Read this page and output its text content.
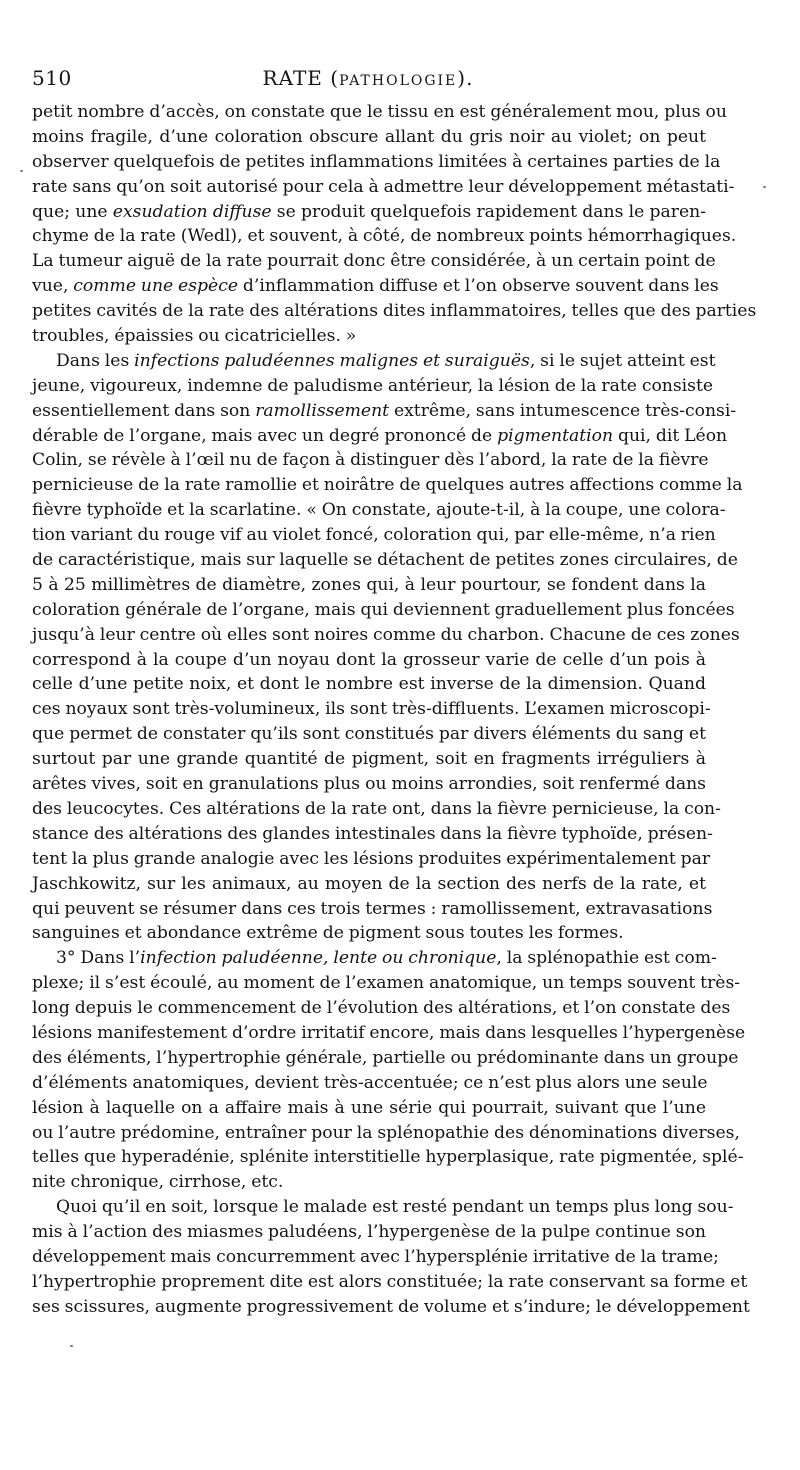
510	RATE (PATHOLOGIE).
petit nombre d’accès, on constate que le tissu en est généralement mou, plus ou
moins fragile, d’une coloration obscure allant du gris noir au violet; on peut
observer quelquefois de petites inflammations limitées à certaines parties de la
rate sans qu’on soit autorisé pour cela à admettre leur développement métastati-
que; une exsudation diffuse se produit quelquefois rapidement dans le paren-
chyme de la rate (Wedl), et souvent, à côté, de nombreux points hémorrhagiques.
La tumeur aiguë de la rate pourrait donc être considérée, à un certain point de
vue, comme une espèce d’inflammation diffuse et l’on observe souvent dans les
petites cavités de la rate des altérations dites inflammatoires, telles que des parties
troubles, épaissies ou cicatricielles. »
Dans les infections paludéennes malignes et suraiguës, si le sujet atteint est
jeune, vigoureux, indemne de paludisme antérieur, la lésion de la rate consiste
essentiellement dans son ramollissement extrême, sans intumescence très-consi-
dérable de l’organe, mais avec un degré prononcé de pigmentation qui, dit Léon
Colin, se révèle à l’œil nu de façon à distinguer dès l’abord, la rate de la fièvre
pernicieuse de la rate ramollie et noirâtre de quelques autres affections comme la
fièvre typhoïde et la scarlatine. « On constate, ajoute-t-il, à la coupe, une colora-
tion variant du rouge vif au violet foncé, coloration qui, par elle-même, n’a rien
de caractéristique, mais sur laquelle se détachent de petites zones circulaires, de
5 à 25 millimètres de diamètre, zones qui, à leur pourtour, se fondent dans la
coloration générale de l’organe, mais qui deviennent graduellement plus foncées
jusqu’à leur centre où elles sont noires comme du charbon. Chacune de ces zones
correspond à la coupe d’un noyau dont la grosseur varie de celle d’un pois à
celle d’une petite noix, et dont le nombre est inverse de la dimension. Quand
ces noyaux sont très-volumineux, ils sont très-diffluents. L’examen microscopi-
que permet de constater qu’ils sont constitués par divers éléments du sang et
surtout par une grande quantité de pigment, soit en fragments irréguliers à
arêtes vives, soit en granulations plus ou moins arrondies, soit renfermé dans
des leucocytes. Ces altérations de la rate ont, dans la fièvre pernicieuse, la con-
stance des altérations des glandes intestinales dans la fièvre typhoïde, présen-
tent la plus grande analogie avec les lésions produites expérimentalement par
Jaschkowitz, sur les animaux, au moyen de la section des nerfs de la rate, et
qui peuvent se résumer dans ces trois termes : ramollissement, extravasations
sanguines et abondance extrême de pigment sous toutes les formes.
3° Dans l’infection paludéenne, lente ou chronique, la splénopathie est com-
plexe; il s’est écoulé, au moment de l’examen anatomique, un temps souvent très-
long depuis le commencement de l’évolution des altérations, et l’on constate des
lésions manifestement d’ordre irritatif encore, mais dans lesquelles l’hypergenèse
des éléments, l’hypertrophie générale, partielle ou prédominante dans un groupe
d’éléments anatomiques, devient très-accentuée; ce n’est plus alors une seule
lésion à laquelle on a affaire mais à une série qui pourrait, suivant que l’une
ou l’autre prédomine, entraîner pour la splénopathie des dénominations diverses,
telles que hyperadénie, splénite interstitielle hyperplasique, rate pigmentée, splé-
nite chronique, cirrhose, etc.
Quoi qu’il en soit, lorsque le malade est resté pendant un temps plus long sou-
mis à l’action des miasmes paludéens, l’hypergenèse de la pulpe continue son
développement mais concurremment avec l’hypersplénie irritative de la trame;
l’hypertrophie proprement dite est alors constituée; la rate conservant sa forme et
ses scissures, augmente progressivement de volume et s’indure; le développement
